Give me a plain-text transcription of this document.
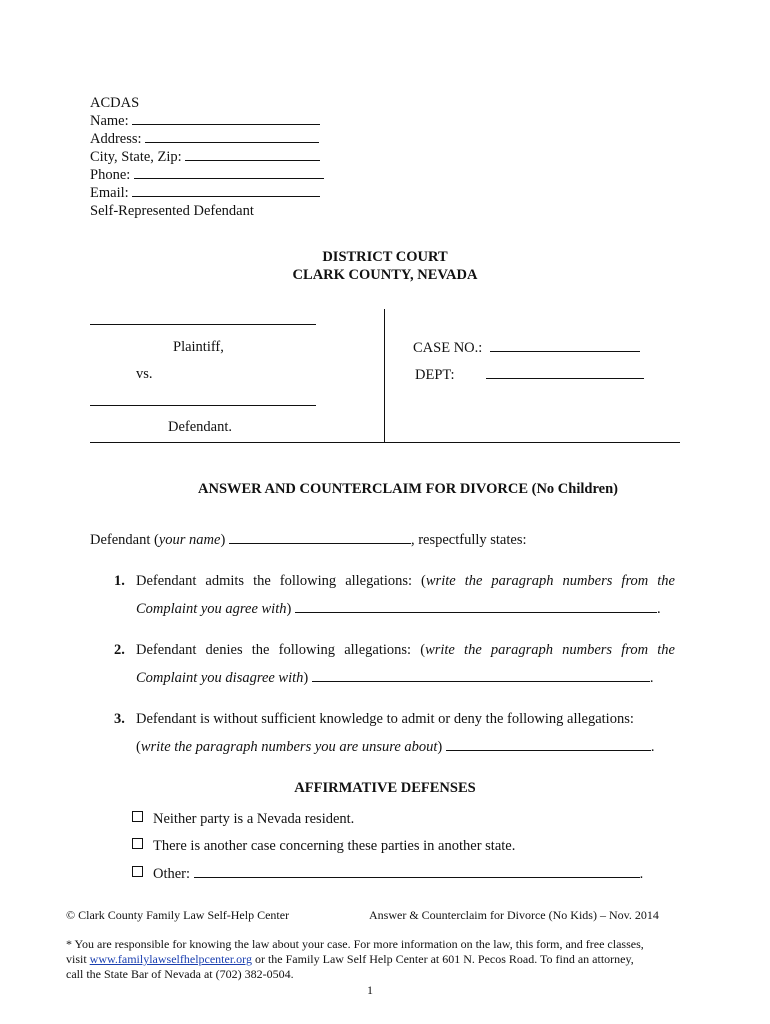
ACDAS
Name:
Address:
City, State, Zip:
Phone:
Email:
Self-Represented Defendant
DISTRICT COURT
CLARK COUNTY, NEVADA
Plaintiff,
vs.
Defendant.
CASE NO.:
DEPT:
ANSWER AND COUNTERCLAIM FOR DIVORCE (No Children)
Defendant (your name)	, respectfully states:
1. Defendant admits the following allegations: (write the paragraph numbers from the
Complaint you agree with)	.
2. Defendant denies the following allegations: (write the paragraph numbers from the
Complaint you disagree with)	.
3. Defendant is without sufficient knowledge to admit or deny the following allegations:
(write the paragraph numbers you are unsure about)	.
AFFIRMATIVE DEFENSES
Neither party is a Nevada resident.
There is another case concerning these parties in another state.
Other:	.
© Clark County Family Law Self-Help Center	Answer & Counterclaim for Divorce (No Kids) – Nov. 2014
* You are responsible for knowing the law about your case. For more information on the law, this form, and free classes,
visit www.familylawselfhelpcenter.org or the Family Law Self Help Center at 601 N. Pecos Road. To find an attorney,
call the State Bar of Nevada at (702) 382-0504.
1
